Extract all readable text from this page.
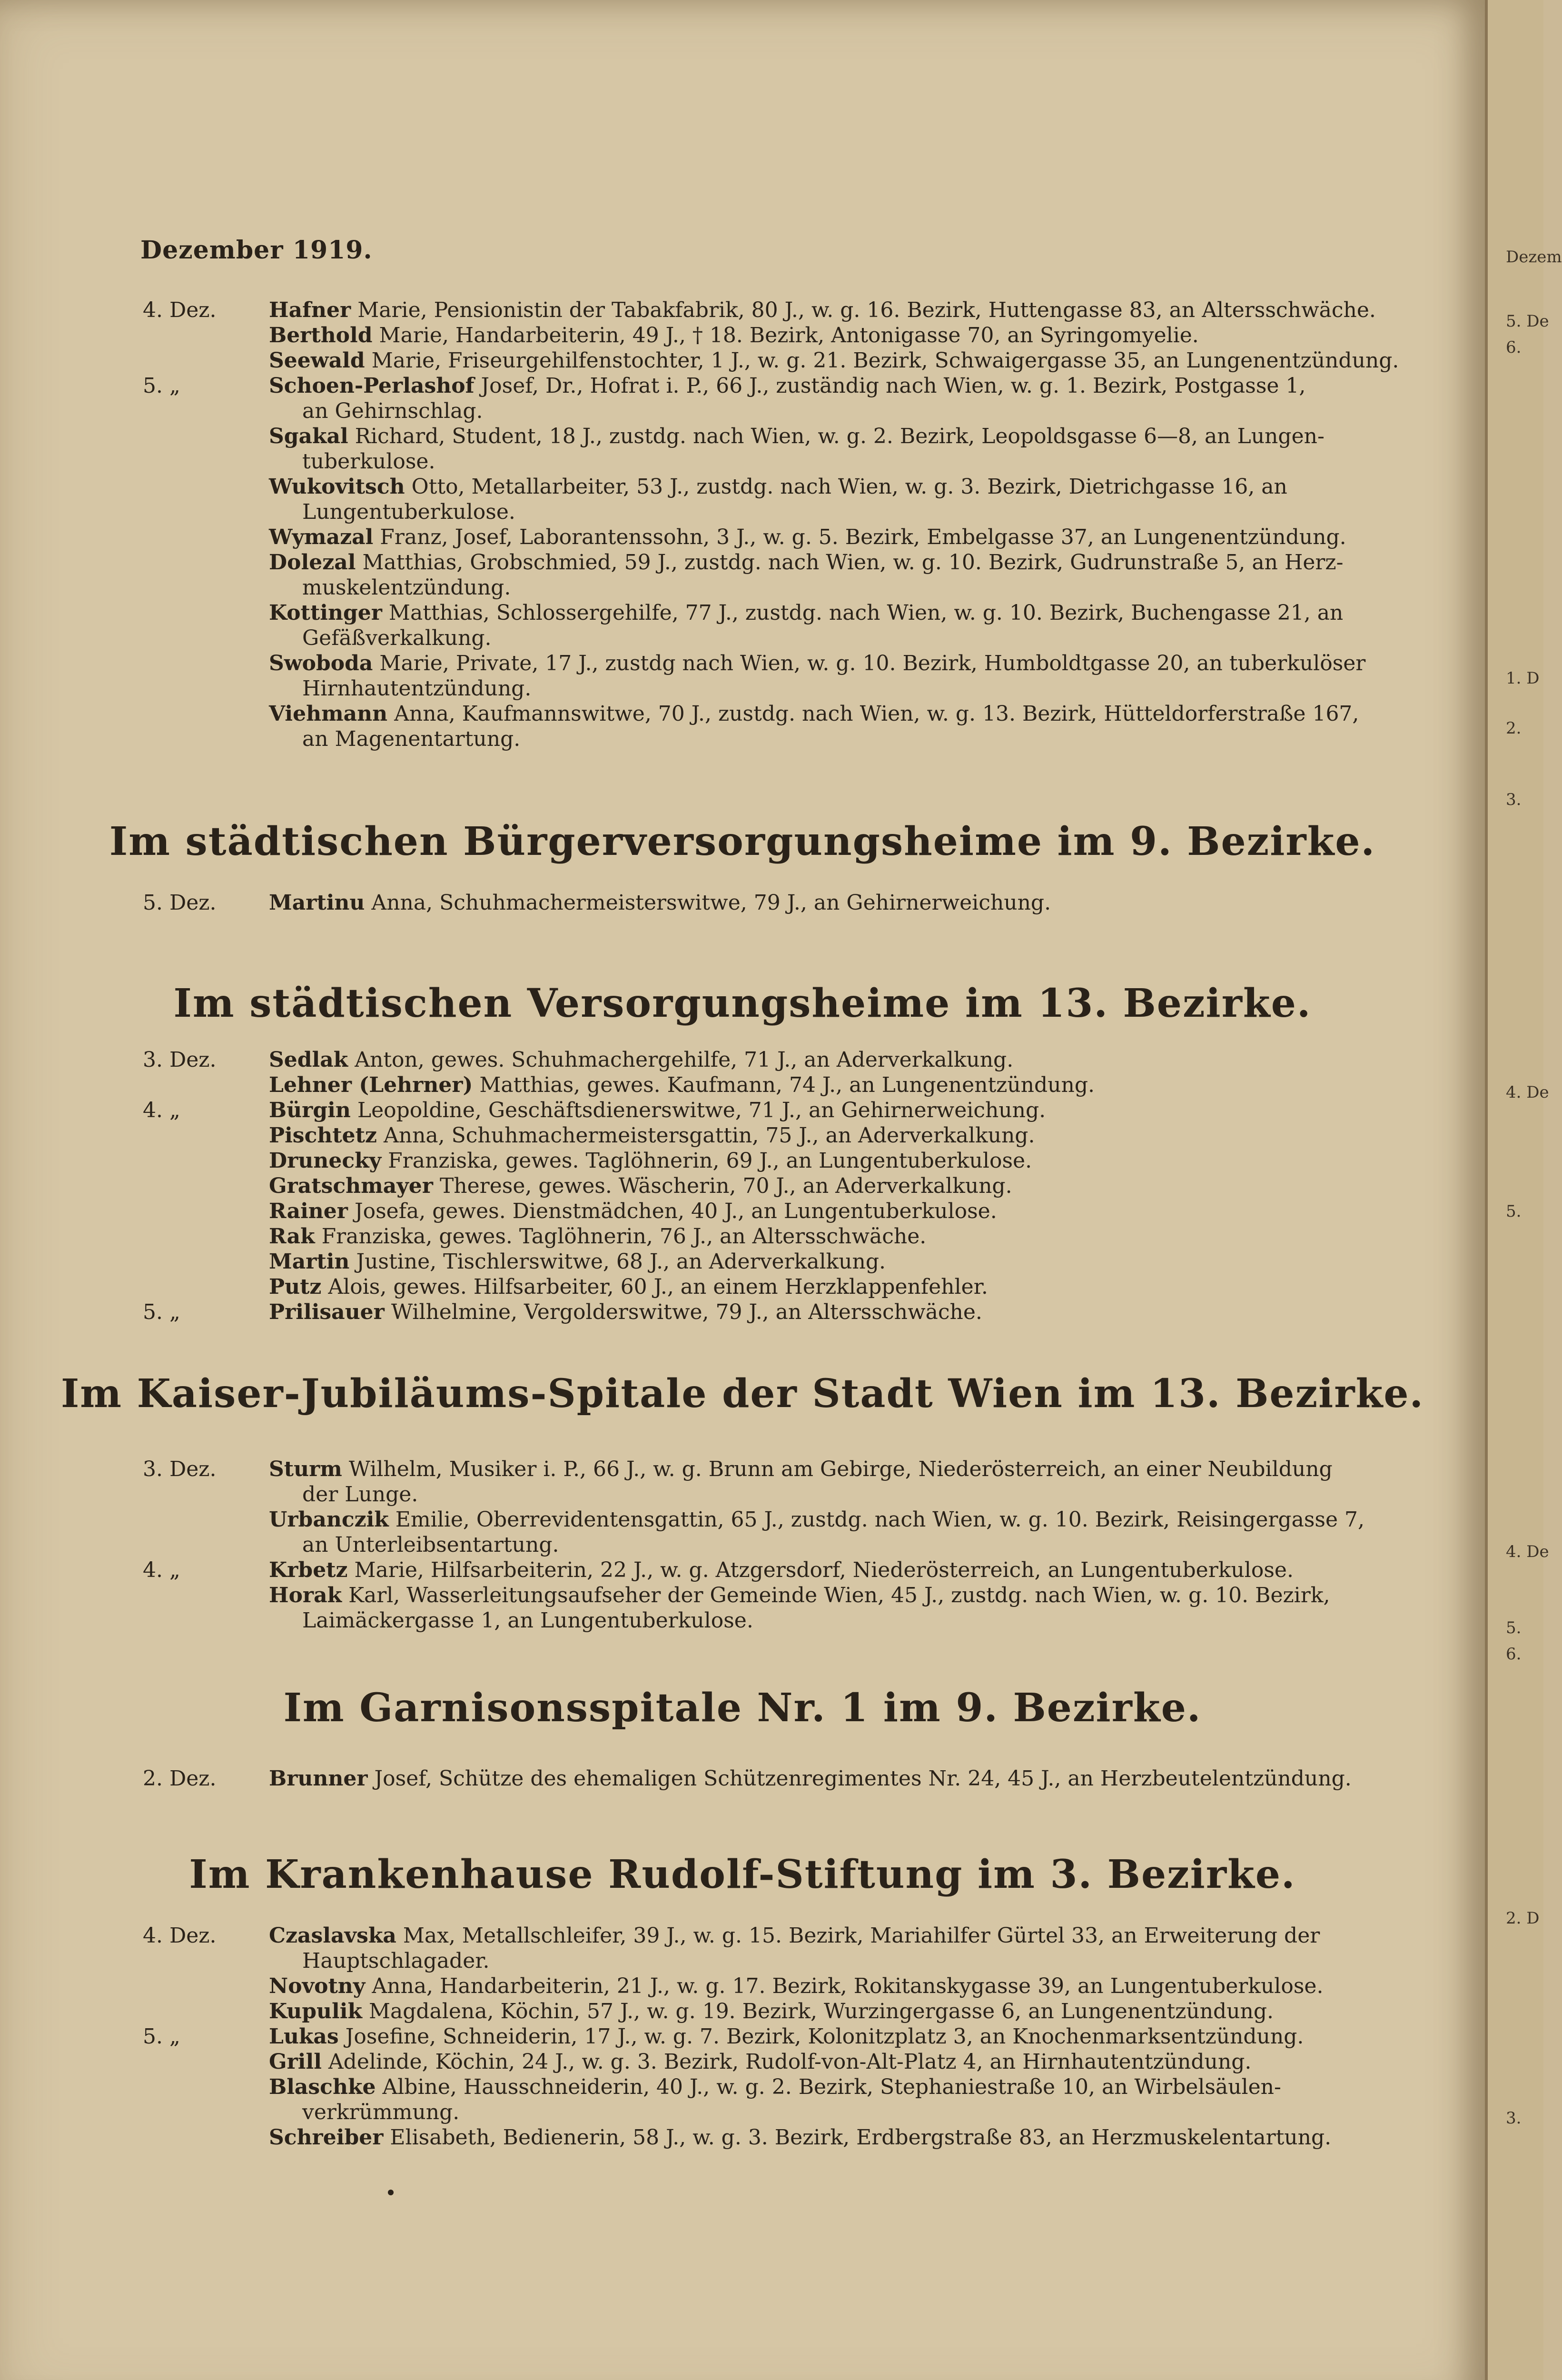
Dezember 1919.
4. Dez.	Hafner Marie, Pensionistin der Tabakfabrik, 80 J., w. g. 16. Bezirk, Huttengasse 83, an Altersschwäche.
Berthold Marie, Handarbeiterin, 49 J., † 18. Bezirk, Antonigasse 70, an Syringomyelie.
Seewald Marie, Friseurgehilfenstochter, 1 J., w. g. 21. Bezirk, Schwaigergasse 35, an Lungenentzündung.
5. „	Schoen-Perlashof Josef, Dr., Hofrat i. P., 66 J., zuständig nach Wien, w. g. 1. Bezirk, Postgasse 1,
an Gehirnschlag.
Sgakal Richard, Student, 18 J., zustdg. nach Wien, w. g. 2. Bezirk, Leopoldsgasse 6—8, an Lungen-
tuberkulose.
Wukovitsch Otto, Metallarbeiter, 53 J., zustdg. nach Wien, w. g. 3. Bezirk, Dietrichgasse 16, an
Lungentuberkulose.
Wymazal Franz, Josef, Laborantenssohn, 3 J., w. g. 5. Bezirk, Embelgasse 37, an Lungenentzündung.
Dolezal Matthias, Grobschmied, 59 J., zustdg. nach Wien, w. g. 10. Bezirk, Gudrunstraße 5, an Herz-
muskelentzündung.
Kottinger Matthias, Schlossergehilfe, 77 J., zustdg. nach Wien, w. g. 10. Bezirk, Buchengasse 21, an
Gefäßverkalkung.
Swoboda Marie, Private, 17 J., zustdg nach Wien, w. g. 10. Bezirk, Humboldtgasse 20, an tuberkulöser
Hirnhautentzündung.
Viehmann Anna, Kaufmannswitwe, 70 J., zustdg. nach Wien, w. g. 13. Bezirk, Hütteldorferstraße 167,
an Magenentartung.
Im städtischen Bürgerversorgungsheime im 9. Bezirke.
5. Dez.	Martinu Anna, Schuhmachermeisterswitwe, 79 J., an Gehirnerweichung.
Im städtischen Versorgungsheime im 13. Bezirke.
3. Dez.	Sedlak Anton, gewes. Schuhmachergehilfe, 71 J., an Aderverkalkung.
Lehner (Lehrner) Matthias, gewes. Kaufmann, 74 J., an Lungenentzündung.
4. „	Bürgin Leopoldine, Geschäftsdienerswitwe, 71 J., an Gehirnerweichung.
Pischtetz Anna, Schuhmachermeistersgattin, 75 J., an Aderverkalkung.
Drunecky Franziska, gewes. Taglöhnerin, 69 J., an Lungentuberkulose.
Gratschmayer Therese, gewes. Wäscherin, 70 J., an Aderverkalkung.
Rainer Josefa, gewes. Dienstmädchen, 40 J., an Lungentuberkulose.
Rak Franziska, gewes. Taglöhnerin, 76 J., an Altersschwäche.
Martin Justine, Tischlerswitwe, 68 J., an Aderverkalkung.
Putz Alois, gewes. Hilfsarbeiter, 60 J., an einem Herzklappenfehler.
5. „	Prilisauer Wilhelmine, Vergolderswitwe, 79 J., an Altersschwäche.
Im Kaiser-Jubiläums-Spitale der Stadt Wien im 13. Bezirke.
3. Dez.	Sturm Wilhelm, Musiker i. P., 66 J., w. g. Brunn am Gebirge, Niederösterreich, an einer Neubildung
der Lunge.
Urbanczik Emilie, Oberrevidentensgattin, 65 J., zustdg. nach Wien, w. g. 10. Bezirk, Reisingergasse 7,
an Unterleibsentartung.
4. „	Krbetz Marie, Hilfsarbeiterin, 22 J., w. g. Atzgersdorf, Niederösterreich, an Lungentuberkulose.
Horak Karl, Wasserleitungsaufseher der Gemeinde Wien, 45 J., zustdg. nach Wien, w. g. 10. Bezirk,
Laimäckergasse 1, an Lungentuberkulose.
Im Garnisonsspitale Nr. 1 im 9. Bezirke.
2. Dez.	Brunner Josef, Schütze des ehemaligen Schützenregimentes Nr. 24, 45 J., an Herzbeutelentzündung.
Im Krankenhause Rudolf-Stiftung im 3. Bezirke.
4. Dez.	Czaslavska Max, Metallschleifer, 39 J., w. g. 15. Bezirk, Mariahilfer Gürtel 33, an Erweiterung der
Hauptschlagader.
Novotny Anna, Handarbeiterin, 21 J., w. g. 17. Bezirk, Rokitanskygasse 39, an Lungentuberkulose.
Kupulik Magdalena, Köchin, 57 J., w. g. 19. Bezirk, Wurzingergasse 6, an Lungenentzündung.
5. „	Lukas Josefine, Schneiderin, 17 J., w. g. 7. Bezirk, Kolonitzplatz 3, an Knochenmarksentzündung.
Grill Adelinde, Köchin, 24 J., w. g. 3. Bezirk, Rudolf-von-Alt-Platz 4, an Hirnhautentzündung.
Blaschke Albine, Hausschneiderin, 40 J., w. g. 2. Bezirk, Stephaniestraße 10, an Wirbelsäulen-
verkrümmung.
Schreiber Elisabeth, Bedienerin, 58 J., w. g. 3. Bezirk, Erdbergstraße 83, an Herzmuskelentartung.
Dezem
5. De
6.
1. D
2.
3.
4. De
5.
4. De
5.
6.
2. D
3.
